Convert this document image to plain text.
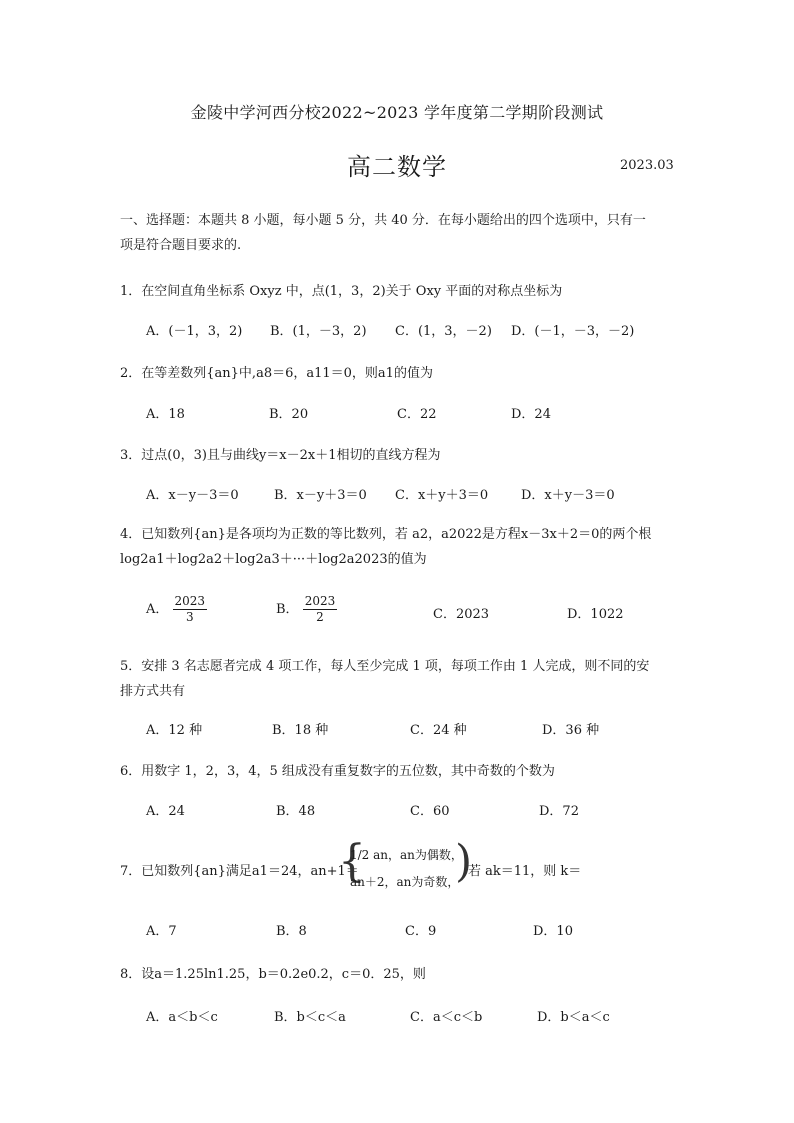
金陵中学河西分校2022~2023 学年度第二学期阶段测试
高二数学	2023.03
一、选择题：本题共 8 小题，每小题 5 分，共 40 分．在每小题给出的四个选项中，只有一
项是符合题目要求的.
1．在空间直角坐标系 Oxyz 中，点(1，3，2)关于 Oxy 平面的对称点坐标为
A．(－1，3，2) B．(1，－3，2) C．(1，3，－2) D．(－1，－3，－2)
2．在等差数列{an}中,a8＝6，a11＝0，则a1的值为
A．18	B．20	C．22	D．24
3．过点(0，3)且与曲线y＝x－2x＋1相切的直线方程为
A．x－y－3＝0	B．x－y＋3＝0 C．x＋y＋3＝0	D．x＋y－3＝0
4．已知数列{an}是各项均为正数的等比数列，若 a2，a2022是方程x－3x＋2＝0的两个根
log2a1＋log2a2＋log2a3＋···＋log2a2023的值为
A． $\frac{2023}{3}$	B． $\frac{2023}{2}$	C．2023	D．1022
5．安排 3 名志愿者完成 4 项工作，每人至少完成 1 项，每项工作由 1 人完成，则不同的安
排方式共有
A．12 种	B．18 种	C．24 种	D．36 种
6．用数字 1，2，3，4，5 组成没有重复数字的五位数，其中奇数的个数为
A．24	B．48	C．60	D．72
7．已知数列{an}满足a1＝24，an+1＝
{
1/2 an，an为偶数，
an＋2，an为奇数，
)
若 ak＝11，则 k＝
A．7	B．8	C．9	D．10
8．设a＝1.25ln1.25，b＝0.2e0.2，c＝0．25，则
A．a＜b＜c	B．b＜c＜a	C．a＜c＜b	D．b＜a＜c
